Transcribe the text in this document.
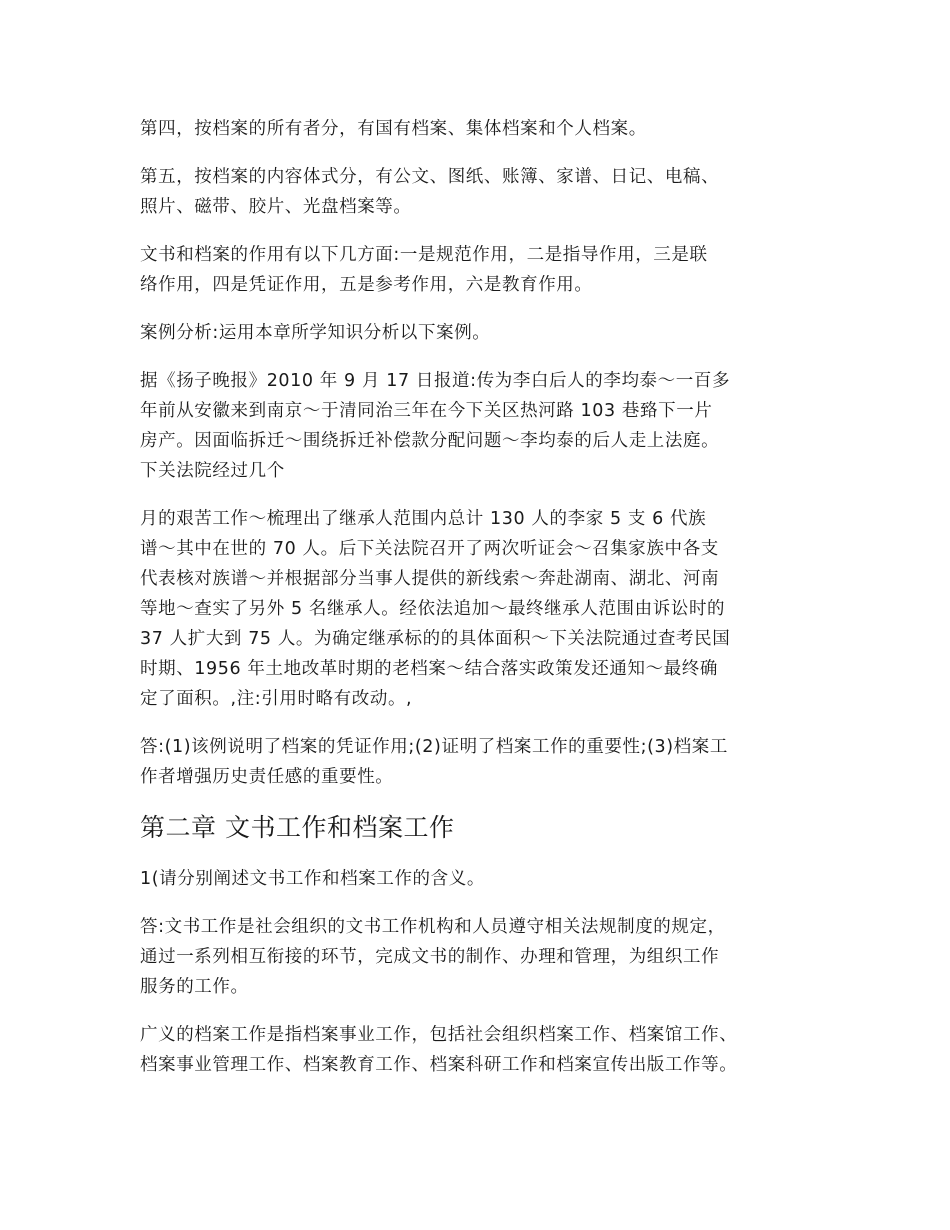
第四，按档案的所有者分，有国有档案、集体档案和个人档案。

第五，按档案的内容体式分，有公文、图纸、账簿、家谱、日记、电稿、
照片、磁带、胶片、光盘档案等。

文书和档案的作用有以下几方面:一是规范作用，二是指导作用，三是联
络作用，四是凭证作用，五是参考作用，六是教育作用。

案例分析:运用本章所学知识分析以下案例。

据《扬子晚报》2010 年 9 月 17 日报道:传为李白后人的李均泰～一百多
年前从安徽来到南京～于清同治三年在今下关区热河路 103 巷臵下一片
房产。因面临拆迁～围绕拆迁补偿款分配问题～李均泰的后人走上法庭。
下关法院经过几个

月的艰苦工作～梳理出了继承人范围内总计 130 人的李家 5 支 6 代族
谱～其中在世的 70 人。后下关法院召开了两次听证会～召集家族中各支
代表核对族谱～并根据部分当事人提供的新线索～奔赴湖南、湖北、河南
等地～查实了另外 5 名继承人。经依法追加～最终继承人范围由诉讼时的
37 人扩大到 75 人。为确定继承标的的具体面积～下关法院通过查考民国
时期、1956 年土地改革时期的老档案～结合落实政策发还通知～最终确
定了面积。,注:引用时略有改动。,

答:(1)该例说明了档案的凭证作用;(2)证明了档案工作的重要性;(3)档案工
作者增强历史责任感的重要性。

第二章 文书工作和档案工作

1(请分别阐述文书工作和档案工作的含义。

答:文书工作是社会组织的文书工作机构和人员遵守相关法规制度的规定，
通过一系列相互衔接的环节，完成文书的制作、办理和管理，为组织工作
服务的工作。

广义的档案工作是指档案事业工作，包括社会组织档案工作、档案馆工作、
档案事业管理工作、档案教育工作、档案科研工作和档案宣传出版工作等。
